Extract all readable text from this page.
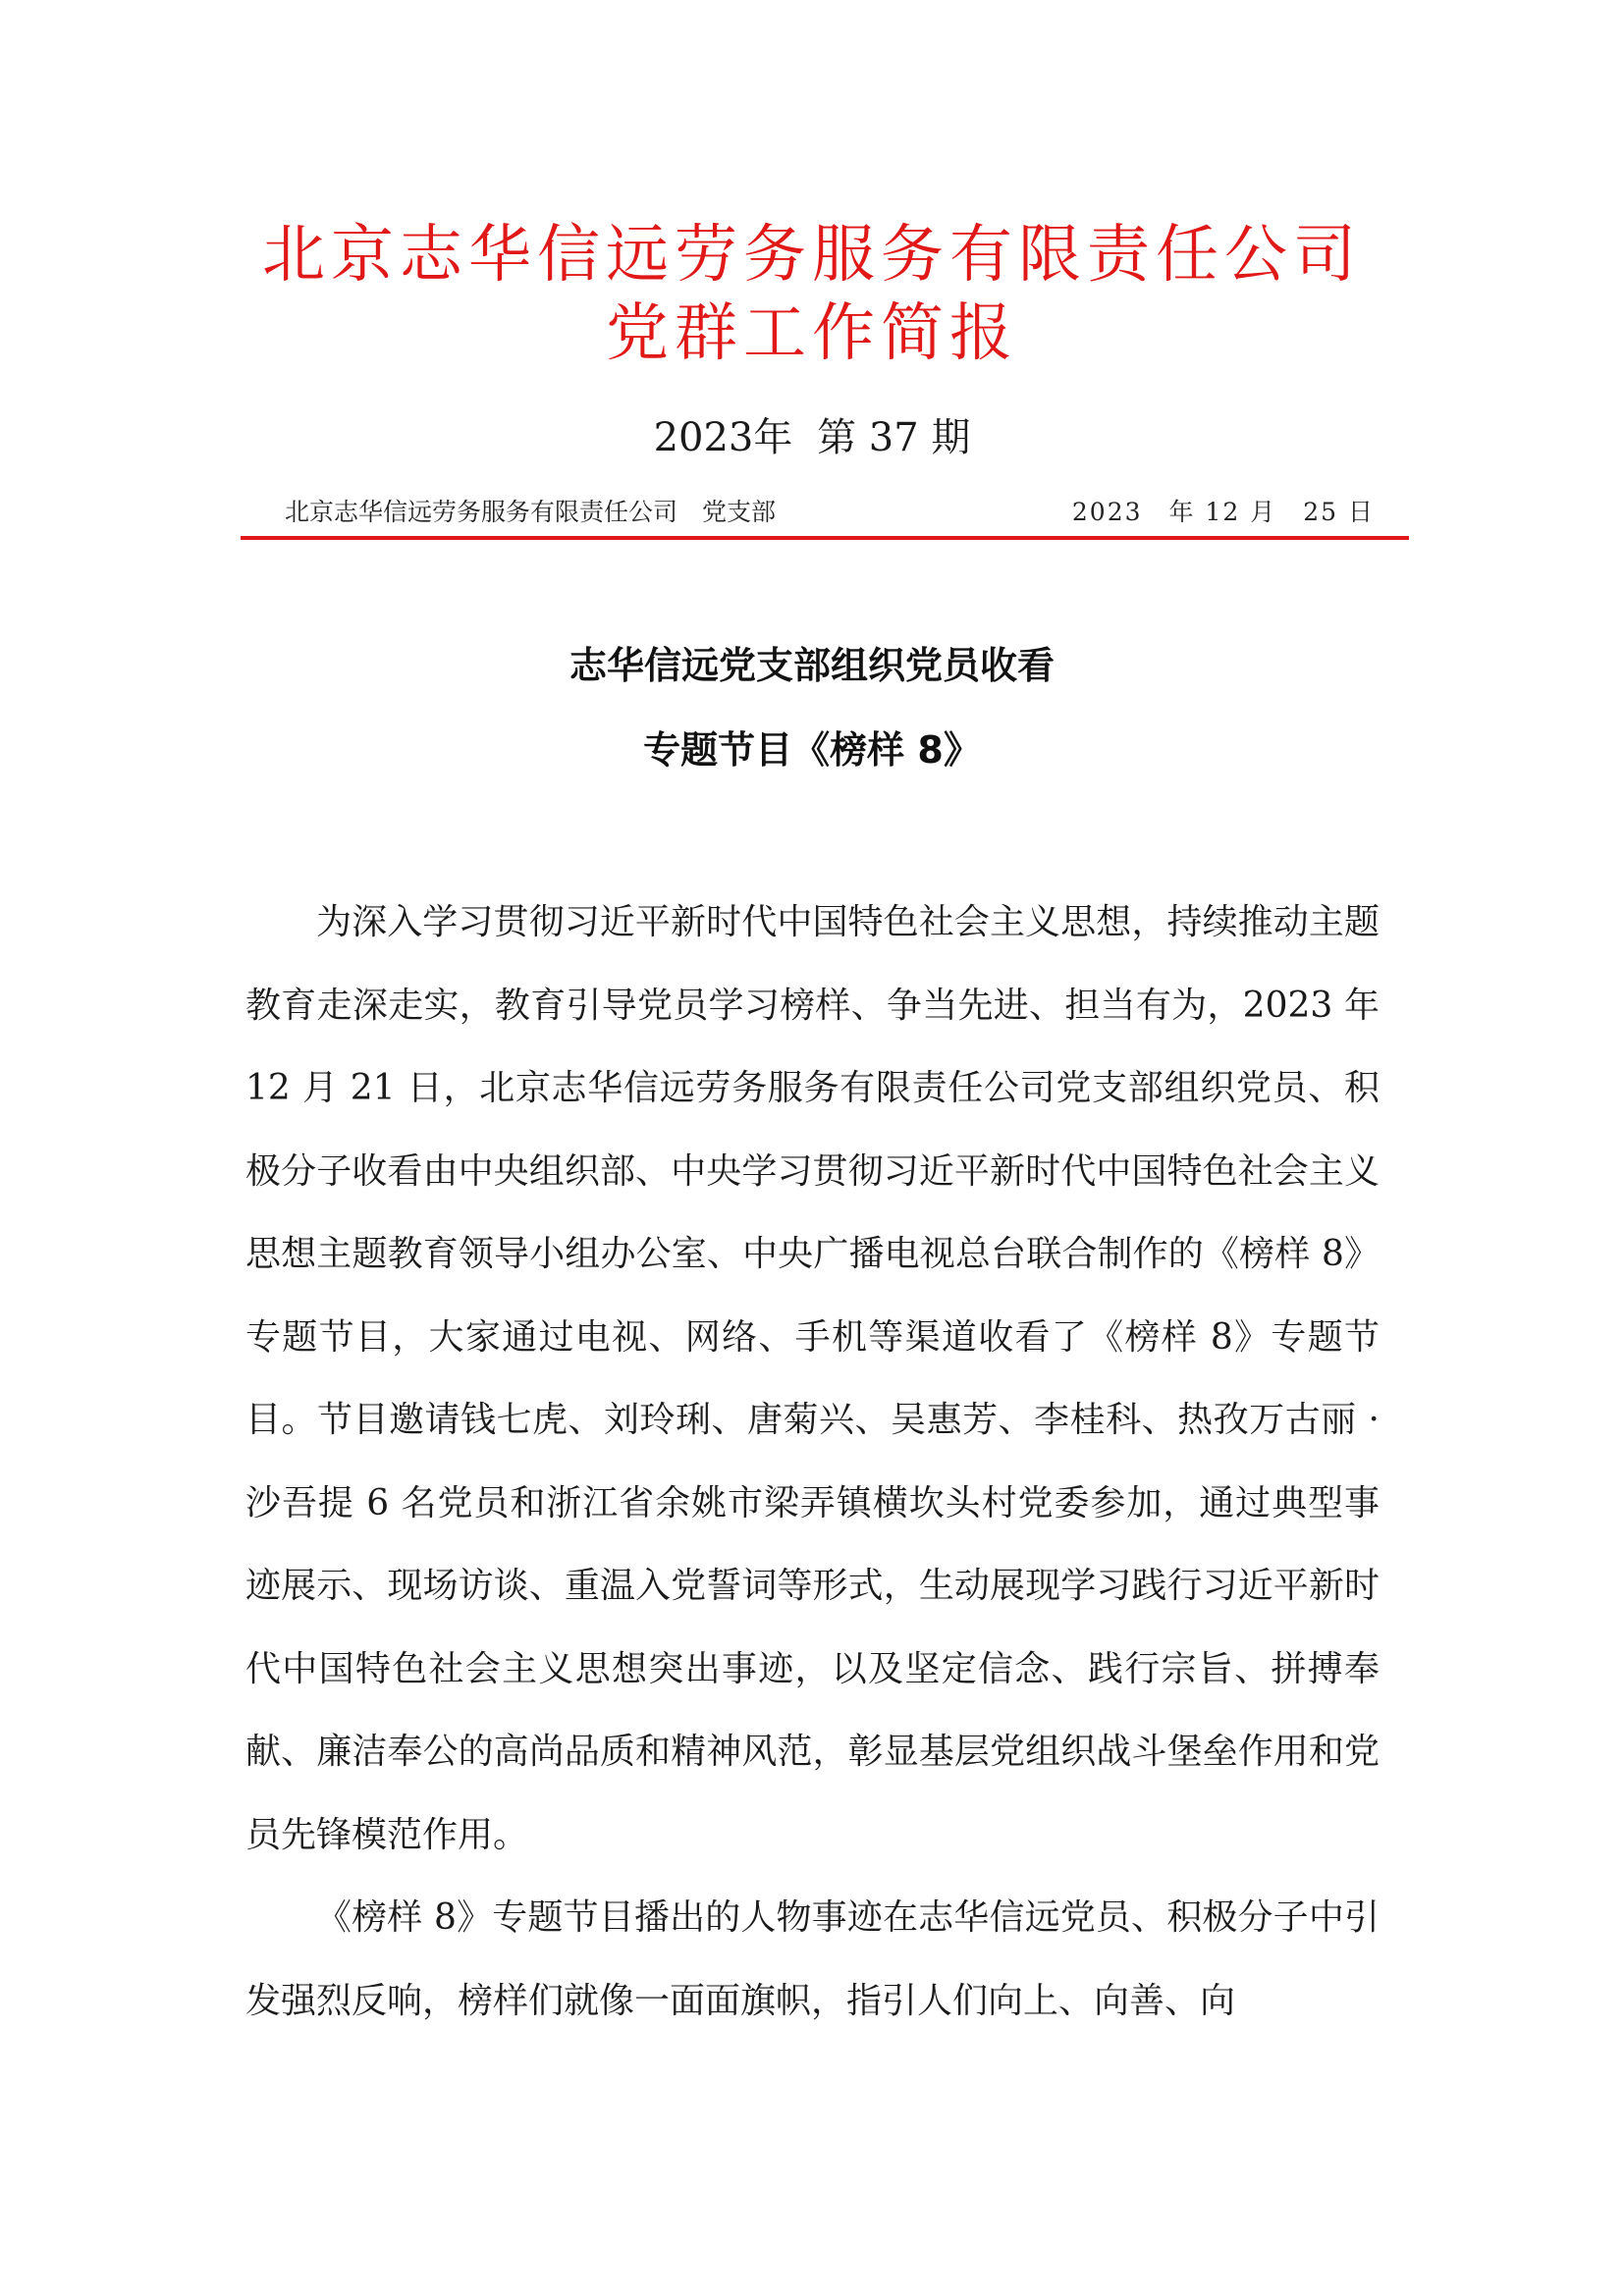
北京志华信远劳务服务有限责任公司
党群工作简报
2023年 第 37 期
北京志华信远劳务服务有限责任公司　党支部	2023　年 12 月　25 日
志华信远党支部组织党员收看
专题节目《榜样 8》

为深入学习贯彻习近平新时代中国特色社会主义思想，持续推动主题教育走深走实，教育引导党员学习榜样、争当先进、担当有为，2023 年 12 月 21 日，北京志华信远劳务服务有限责任公司党支部组织党员、积极分子收看由中央组织部、中央学习贯彻习近平新时代中国特色社会主义思想主题教育领导小组办公室、中央广播电视总台联合制作的《榜样 8》专题节目，大家通过电视、网络、手机等渠道收看了《榜样 8》专题节目。节目邀请钱七虎、刘玲琍、唐菊兴、吴惠芳、李桂科、热孜万古丽 · 沙吾提 6 名党员和浙江省余姚市梁弄镇横坎头村党委参加，通过典型事迹展示、现场访谈、重温入党誓词等形式，生动展现学习践行习近平新时代中国特色社会主义思想突出事迹，以及坚定信念、践行宗旨、拼搏奉献、廉洁奉公的高尚品质和精神风范，彰显基层党组织战斗堡垒作用和党员先锋模范作用。

《榜样 8》专题节目播出的人物事迹在志华信远党员、积极分子中引发强烈反响，榜样们就像一面面旗帜，指引人们向上、向善、向
